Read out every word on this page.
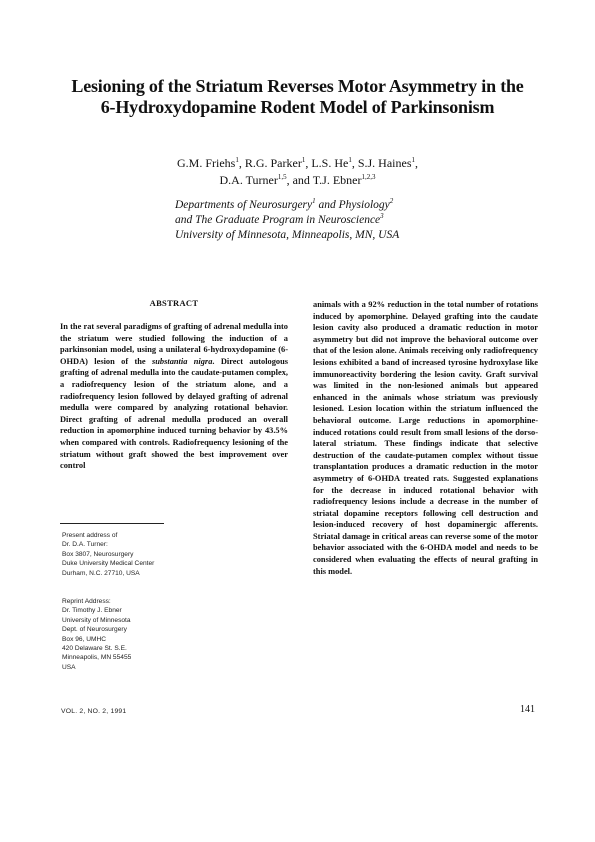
Lesioning of the Striatum Reverses Motor Asymmetry in the
6-Hydroxydopamine Rodent Model of Parkinsonism
G.M. Friehs$^1$, R.G. Parker$^1$, L.S. He$^1$, S.J. Haines$^1$,
D.A. Turner$^{1,5}$, and T.J. Ebner$^{1,2,3}$
Departments of Neurosurgery$^1$ and Physiology$^2$
and The Graduate Program in Neuroscience$^3$
University of Minnesota, Minneapolis, MN, USA
ABSTRACT
In the rat several paradigms of grafting of adrenal medulla into the striatum were studied following the induction of a parkinsonian model, using a unilateral 6-hydroxydopamine (6-OHDA) lesion of the substantia nigra. Direct autologous grafting of adrenal medulla into the caudate-putamen complex, a radiofrequency lesion of the striatum alone, and a radiofrequency lesion followed by delayed grafting of adrenal medulla were compared by analyzing rotational behavior. Direct grafting of adrenal medulla produced an overall reduction in apomorphine induced turning behavior by 43.5% when compared with controls. Radiofrequency lesioning of the striatum without graft showed the best improvement over control
animals with a 92% reduction in the total number of rotations induced by apomorphine. Delayed grafting into the caudate lesion cavity also produced a dramatic reduction in motor asymmetry but did not improve the behavioral outcome over that of the lesion alone. Animals receiving only radiofrequency lesions exhibited a band of increased tyrosine hydroxylase like immunoreactivity bordering the lesion cavity. Graft survival was limited in the non-lesioned animals but appeared enhanced in the animals whose striatum was previously lesioned. Lesion location within the striatum influenced the behavioral outcome. Large reductions in apomorphine-induced rotations could result from small lesions of the dorso-lateral striatum. These findings indicate that selective destruction of the caudate-putamen complex without tissue transplantation produces a dramatic reduction in the motor asymmetry of 6-OHDA treated rats. Suggested explanations for the decrease in induced rotational behavior with radiofrequency lesions include a decrease in the number of striatal dopamine receptors following cell destruction and lesion-induced recovery of host dopaminergic afferents. Striatal damage in critical areas can reverse some of the motor behavior associated with the 6-OHDA model and needs to be considered when evaluating the effects of neural grafting in this model.
Present address of
Dr. D.A. Turner:
Box 3807, Neurosurgery
Duke University Medical Center
Durham, N.C. 27710, USA
Reprint Address:
Dr. Timothy J. Ebner
University of Minnesota
Dept. of Neurosurgery
Box 96, UMHC
420 Delaware St. S.E.
Minneapolis, MN 55455
USA
VOL. 2, NO. 2, 1991	141
